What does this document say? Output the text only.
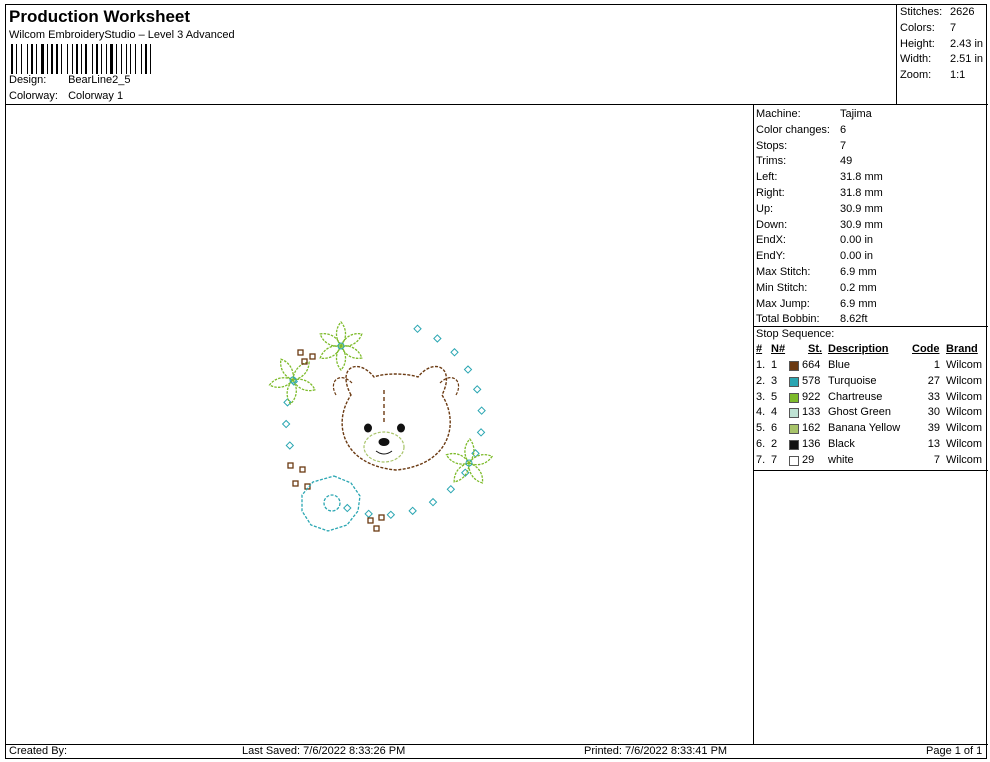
Production Worksheet
Wilcom EmbroideryStudio – Level 3 Advanced
Design: BearLine2_5
Colorway: Colorway 1
Stitches: 2626
Colors: 7
Height: 2.43 in
Width: 2.51 in
Zoom: 1:1
Machine:	Tajima
Color changes: 6
Stops:	7
Trims:	49
Left:	31.8 mm
Right:	31.8 mm
Up:	30.9 mm
Down:	30.9 mm
EndX:	0.00 in
EndY:	0.00 in
Max Stitch:	6.9 mm
Min Stitch:	0.2 mm
Max Jump:	6.9 mm
Total Bobbin: 8.62ft
Stop Sequence:
# N# St. Description Code Brand
1. 1 664 Blue	1 Wilcom
2. 3 578 Turquoise	27 Wilcom
3. 5 922 Chartreuse	33 Wilcom
4. 4 133 Ghost Green	30 Wilcom
5. 6 162 Banana Yellow	39 Wilcom
6. 2 136 Black	13 Wilcom
7. 7 29 white	7 Wilcom
Created By:	Last Saved: 7/6/2022 8:33:26 PM	Printed: 7/6/2022 8:33:41 PM	Page 1 of 1
